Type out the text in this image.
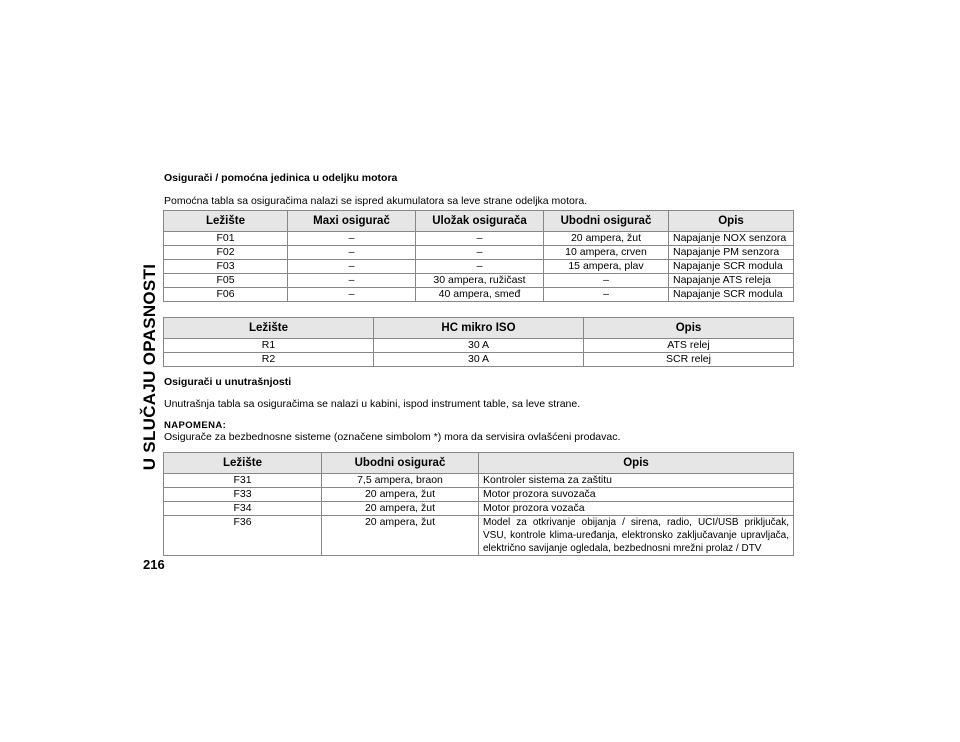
U SLUČAJU OPASNOSTI
216
Osigurači / pomoćna jedinica u odeljku motora
Pomoćna tabla sa osiguračima nalazi se ispred akumulatora sa leve strane odeljka motora.
Ležište	Maxi osigurač	Uložak osigurača	Ubodni osigurač	Opis
F01	–	–	20 ampera, žut	Napajanje NOX senzora
F02	–	–	10 ampera, crven	Napajanje PM senzora
F03	–	–	15 ampera, plav	Napajanje SCR modula
F05	–	30 ampera, ružičast	–	Napajanje ATS releja
F06	–	40 ampera, smeđ	–	Napajanje SCR modula
Ležište	HC mikro ISO	Opis
R1	30 A	ATS relej
R2	30 A	SCR relej
Osigurači u unutrašnjosti
Unutrašnja tabla sa osiguračima se nalazi u kabini, ispod instrument table, sa leve strane.
NAPOMENA:
Osigurače za bezbednosne sisteme (označene simbolom *) mora da servisira ovlašćeni prodavac.
Ležište	Ubodni osigurač	Opis
F31	7,5 ampera, braon	Kontroler sistema za zaštitu
F33	20 ampera, žut	Motor prozora suvozača
F34	20 ampera, žut	Motor prozora vozača
F36	20 ampera, žut	Model za otkrivanje obijanja / sirena, radio, UCI/USB priključak, VSU, kontrole klima-uređanja, elektronsko zaključavanje upravljača, električno savijanje ogledala, bezbednosni mrežni prolaz / DTV
